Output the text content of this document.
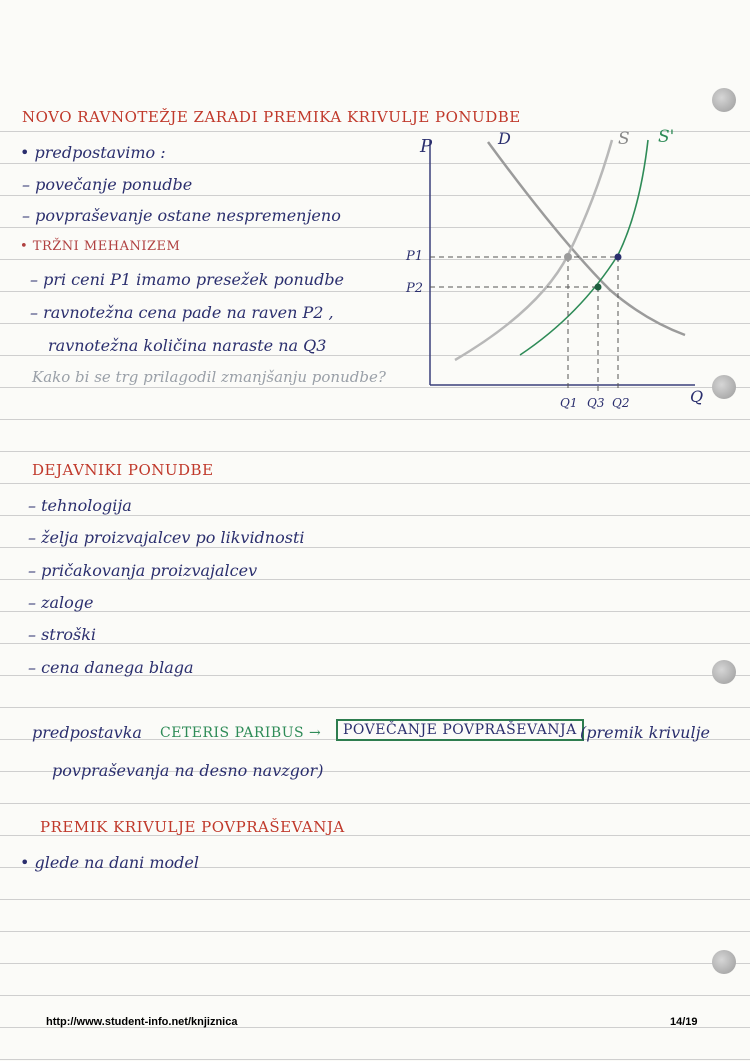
NOVO RAVNOTEŽJE ZARADI PREMIKA KRIVULJE PONUDBE
• predpostavimo :
– povečanje ponudbe
– povpraševanje ostane nespremenjeno
• TRŽNI MEHANIZEM
– pri ceni P1 imamo presežek ponudbe
– ravnotežna cena pade na raven P2 ,
ravnotežna količina naraste na Q3
Kako bi se trg prilagodil zmanjšanju ponudbe?
P
Q
D	S S'
P1
P2
Q1 Q3 Q2
DEJAVNIKI PONUDBE
– tehnologija
– želja proizvajalcev po likvidnosti
– pričakovanja proizvajalcev
– zaloge
– stroški
– cena danega blaga
predpostavka CETERIS PARIBUS →	POVEČANJE POVPRAŠEVANJA (premik krivulje
povpraševanja na desno navzgor)
PREMIK KRIVULJE POVPRAŠEVANJA
• glede na dani model
http://www.student-info.net/knjiznica	14/19
